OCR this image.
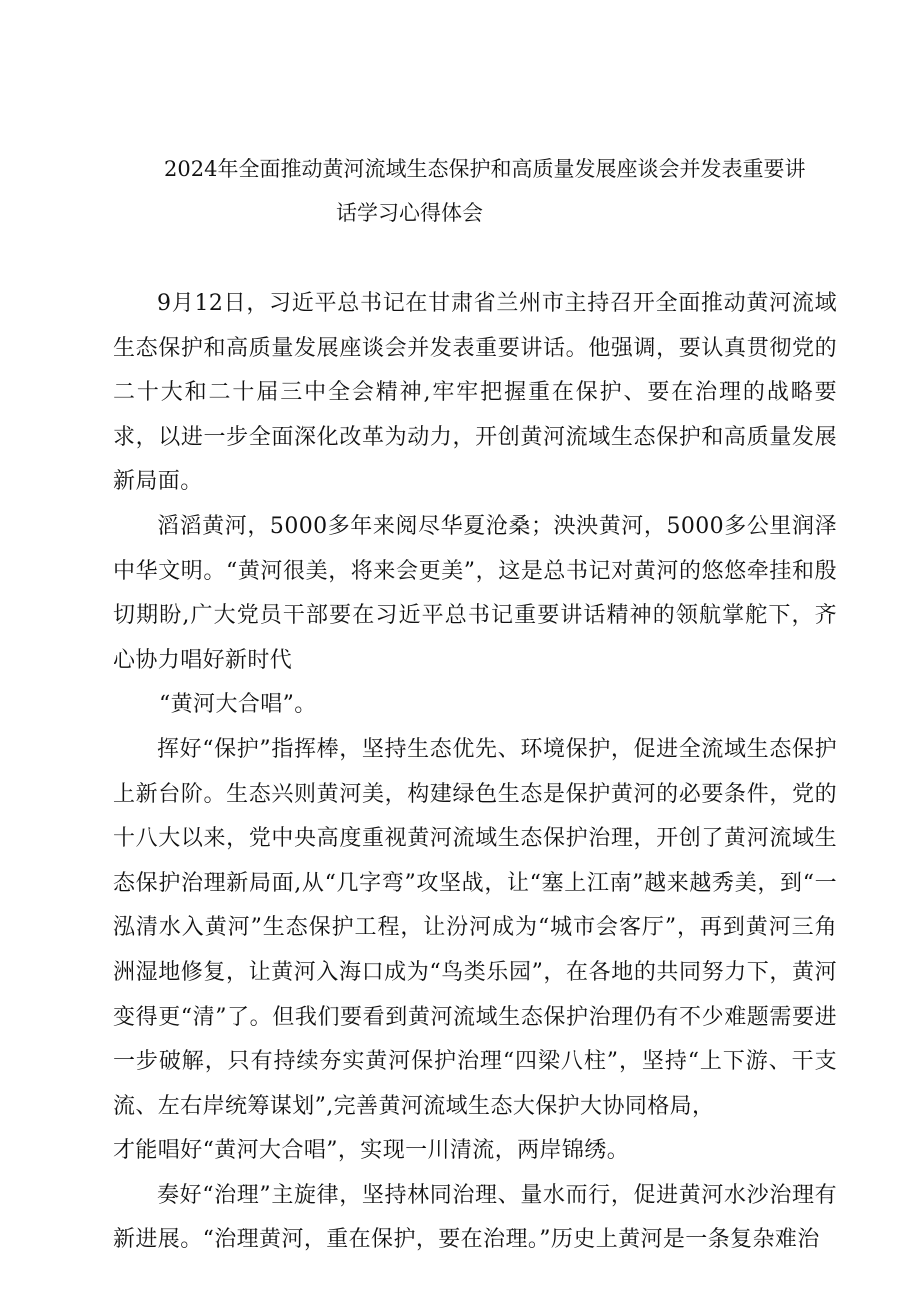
2024年全面推动黄河流域生态保护和高质量发展座谈会并发表重要讲
话学习心得体会

9月12日，习近平总书记在甘肃省兰州市主持召开全面推动黄河流域生态保护和高质量发展座谈会并发表重要讲话。他强调，要认真贯彻党的二十大和二十届三中全会精神,牢牢把握重在保护、要在治理的战略要求，以进一步全面深化改革为动力，开创黄河流域生态保护和高质量发展新局面。

滔滔黄河，5000多年来阅尽华夏沧桑；泱泱黄河，5000多公里润泽中华文明。“黄河很美，将来会更美”，这是总书记对黄河的悠悠牵挂和殷切期盼,广大党员干部要在习近平总书记重要讲话精神的领航掌舵下，齐心协力唱好新时代

“黄河大合唱”。

挥好“保护”指挥棒，坚持生态优先、环境保护，促进全流域生态保护上新台阶。生态兴则黄河美，构建绿色生态是保护黄河的必要条件，党的十八大以来，党中央高度重视黄河流域生态保护治理，开创了黄河流域生态保护治理新局面,从“几字弯”攻坚战，让“塞上江南”越来越秀美，到“一泓清水入黄河”生态保护工程，让汾河成为“城市会客厅”，再到黄河三角洲湿地修复，让黄河入海口成为“鸟类乐园”，在各地的共同努力下，黄河变得更“清”了。但我们要看到黄河流域生态保护治理仍有不少难题需要进一步破解，只有持续夯实黄河保护治理“四梁八柱”，坚持“上下游、干支流、左右岸统筹谋划”,完善黄河流域生态大保护大协同格局，

才能唱好“黄河大合唱”，实现一川清流，两岸锦绣。

奏好“治理”主旋律，坚持林同治理、量水而行，促进黄河水沙治理有新进展。“治理黄河，重在保护，要在治理。”历史上黄河是一条复杂难治
